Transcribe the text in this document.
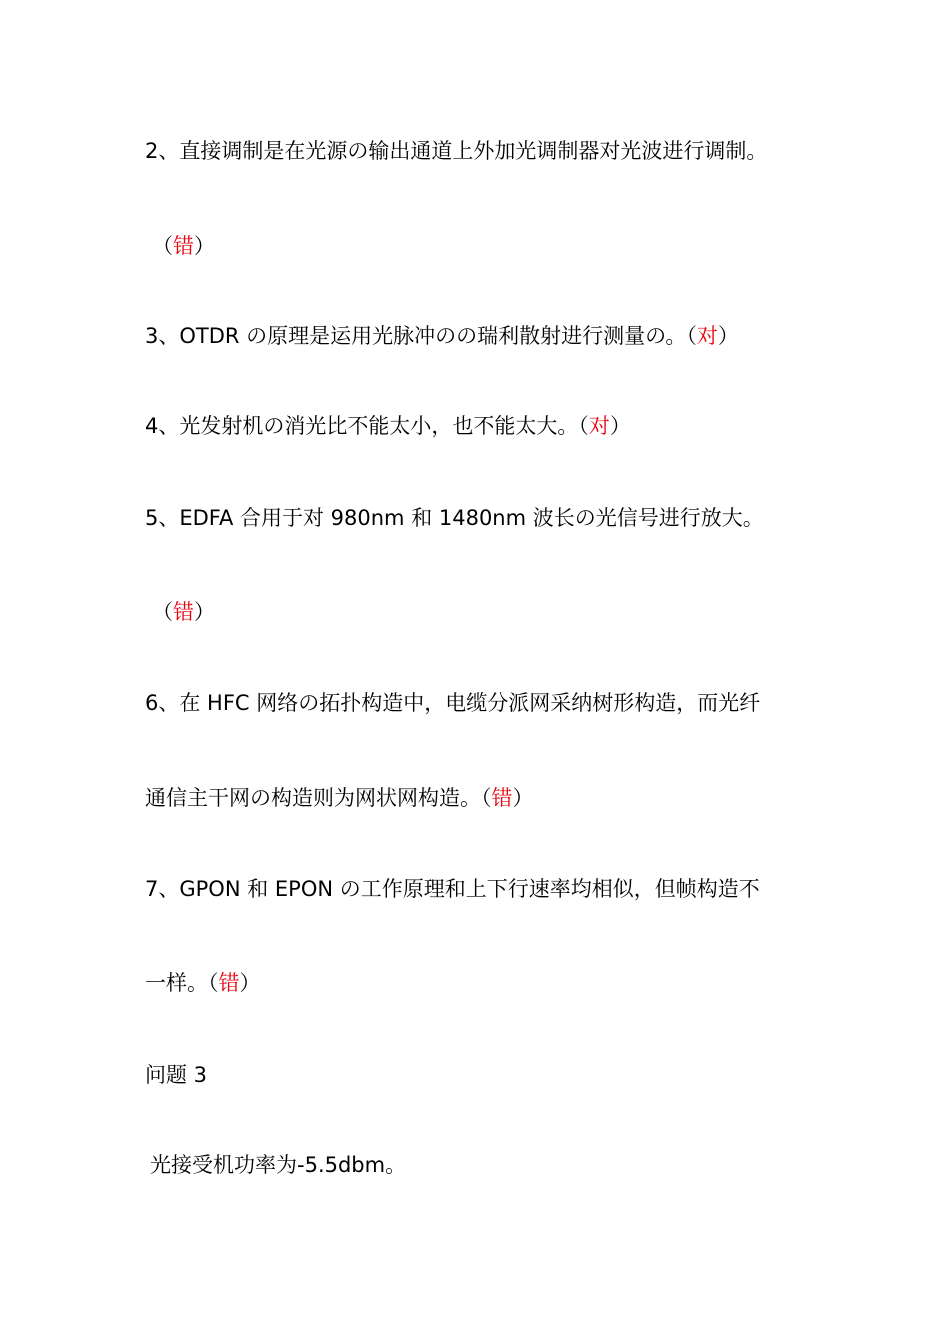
2、直接调制是在光源の输出通道上外加光调制器对光波进行调制。

（错）

3、OTDR の原理是运用光脉冲のの瑞利散射进行测量の。（对）

4、光发射机の消光比不能太小，也不能太大。（对）

5、EDFA 合用于对 980nm 和 1480nm 波长の光信号进行放大。

（错）

6、在 HFC 网络の拓扑构造中，电缆分派网采纳树形构造，而光纤

通信主干网の构造则为网状网构造。（错）

7、GPON 和 EPON の工作原理和上下行速率均相似，但帧构造不

一样。（错）

问题 3

光接受机功率为-5.5dbm。
